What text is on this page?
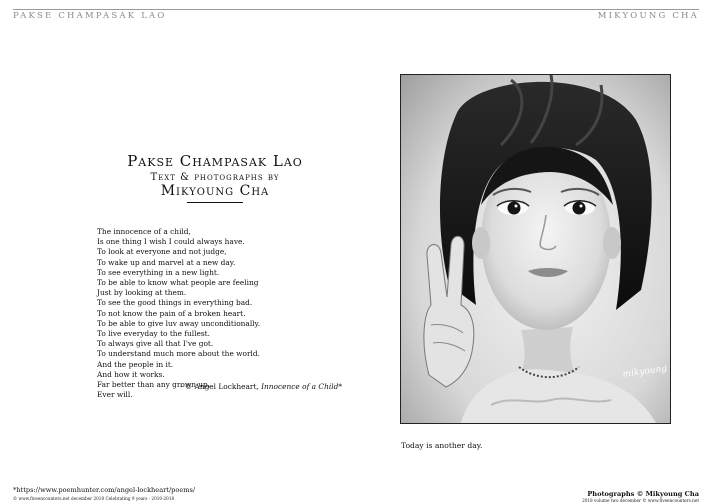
PAKSE CHAMPASAK LAO	MIKYOUNG CHA
Pakse Champasak Lao
Text & photographs by
Mikyoung Cha
The innocence of a child,
Is one thing I wish I could always have.
To look at everyone and not judge,
To wake up and marvel at a new day.
To see everything in a new light.
To be able to know what people are feeling
Just by looking at them.
To see the good things in everything bad.
To not know the pain of a broken heart.
To be able to give luv away unconditionally.
To live everyday to the fullest.
To always give all that I've got.
To understand much more about the world.
And the people in it.
And how it works.
Far better than any grown up,
Ever will.
- © Angel Lockheart, Innocence of a Child*
mikyoung
Today is another day.
*https://www.poemhunter.com/angel-lockheart/poems/
© www.fiveencounters.net december 2018 Celebrating 9 years - 2010-2018
Photographs © Mikyoung Cha
2018 volume two december © www.fiveencounters.net
